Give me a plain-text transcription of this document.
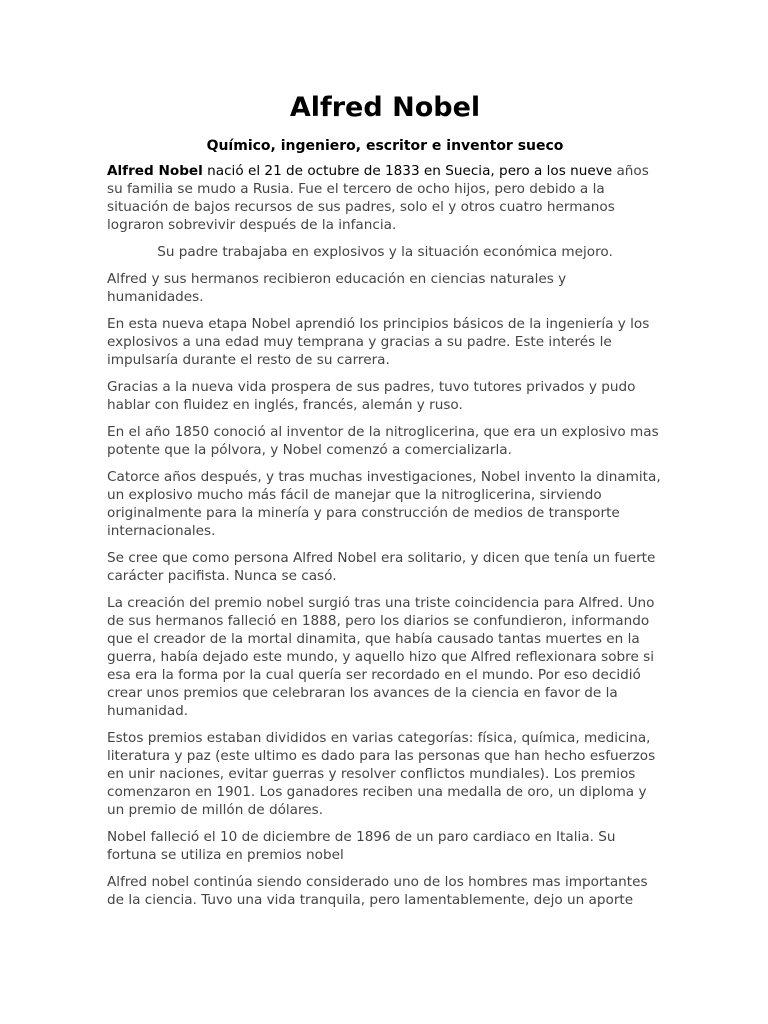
Alfred Nobel
Químico, ingeniero, escritor e inventor sueco

Alfred Nobel nació el 21 de octubre de 1833 en Suecia, pero a los nueve años su familia se mudo a Rusia. Fue el tercero de ocho hijos, pero debido a la situación de bajos recursos de sus padres, solo el y otros cuatro hermanos lograron sobrevivir después de la infancia.

Su padre trabajaba en explosivos y la situación económica mejoro.

Alfred y sus hermanos recibieron educación en ciencias naturales y humanidades.

En esta nueva etapa Nobel aprendió los principios básicos de la ingeniería y los explosivos a una edad muy temprana y gracias a su padre. Este interés le impulsaría durante el resto de su carrera.

Gracias a la nueva vida prospera de sus padres, tuvo tutores privados y pudo hablar con fluidez en inglés, francés, alemán y ruso.

En el año 1850 conoció al inventor de la nitroglicerina, que era un explosivo mas potente que la pólvora, y Nobel comenzó a comercializarla.

Catorce años después, y tras muchas investigaciones, Nobel invento la dinamita, un explosivo mucho más fácil de manejar que la nitroglicerina, sirviendo originalmente para la minería y para construcción de medios de transporte internacionales.

Se cree que como persona Alfred Nobel era solitario, y dicen que tenía un fuerte carácter pacifista. Nunca se casó.

La creación del premio nobel surgió tras una triste coincidencia para Alfred. Uno de sus hermanos falleció en 1888, pero los diarios se confundieron, informando que el creador de la mortal dinamita, que había causado tantas muertes en la guerra, había dejado este mundo, y aquello hizo que Alfred reflexionara sobre si esa era la forma por la cual quería ser recordado en el mundo. Por eso decidió crear unos premios que celebraran los avances de la ciencia en favor de la humanidad.

Estos premios estaban divididos en varias categorías: física, química, medicina, literatura y paz (este ultimo es dado para las personas que han hecho esfuerzos en unir naciones, evitar guerras y resolver conflictos mundiales). Los premios comenzaron en 1901. Los ganadores reciben una medalla de oro, un diploma y un premio de millón de dólares.

Nobel falleció el 10 de diciembre de 1896 de un paro cardiaco en Italia. Su fortuna se utiliza en premios nobel

Alfred nobel continúa siendo considerado uno de los hombres mas importantes de la ciencia. Tuvo una vida tranquila, pero lamentablemente, dejo un aporte
